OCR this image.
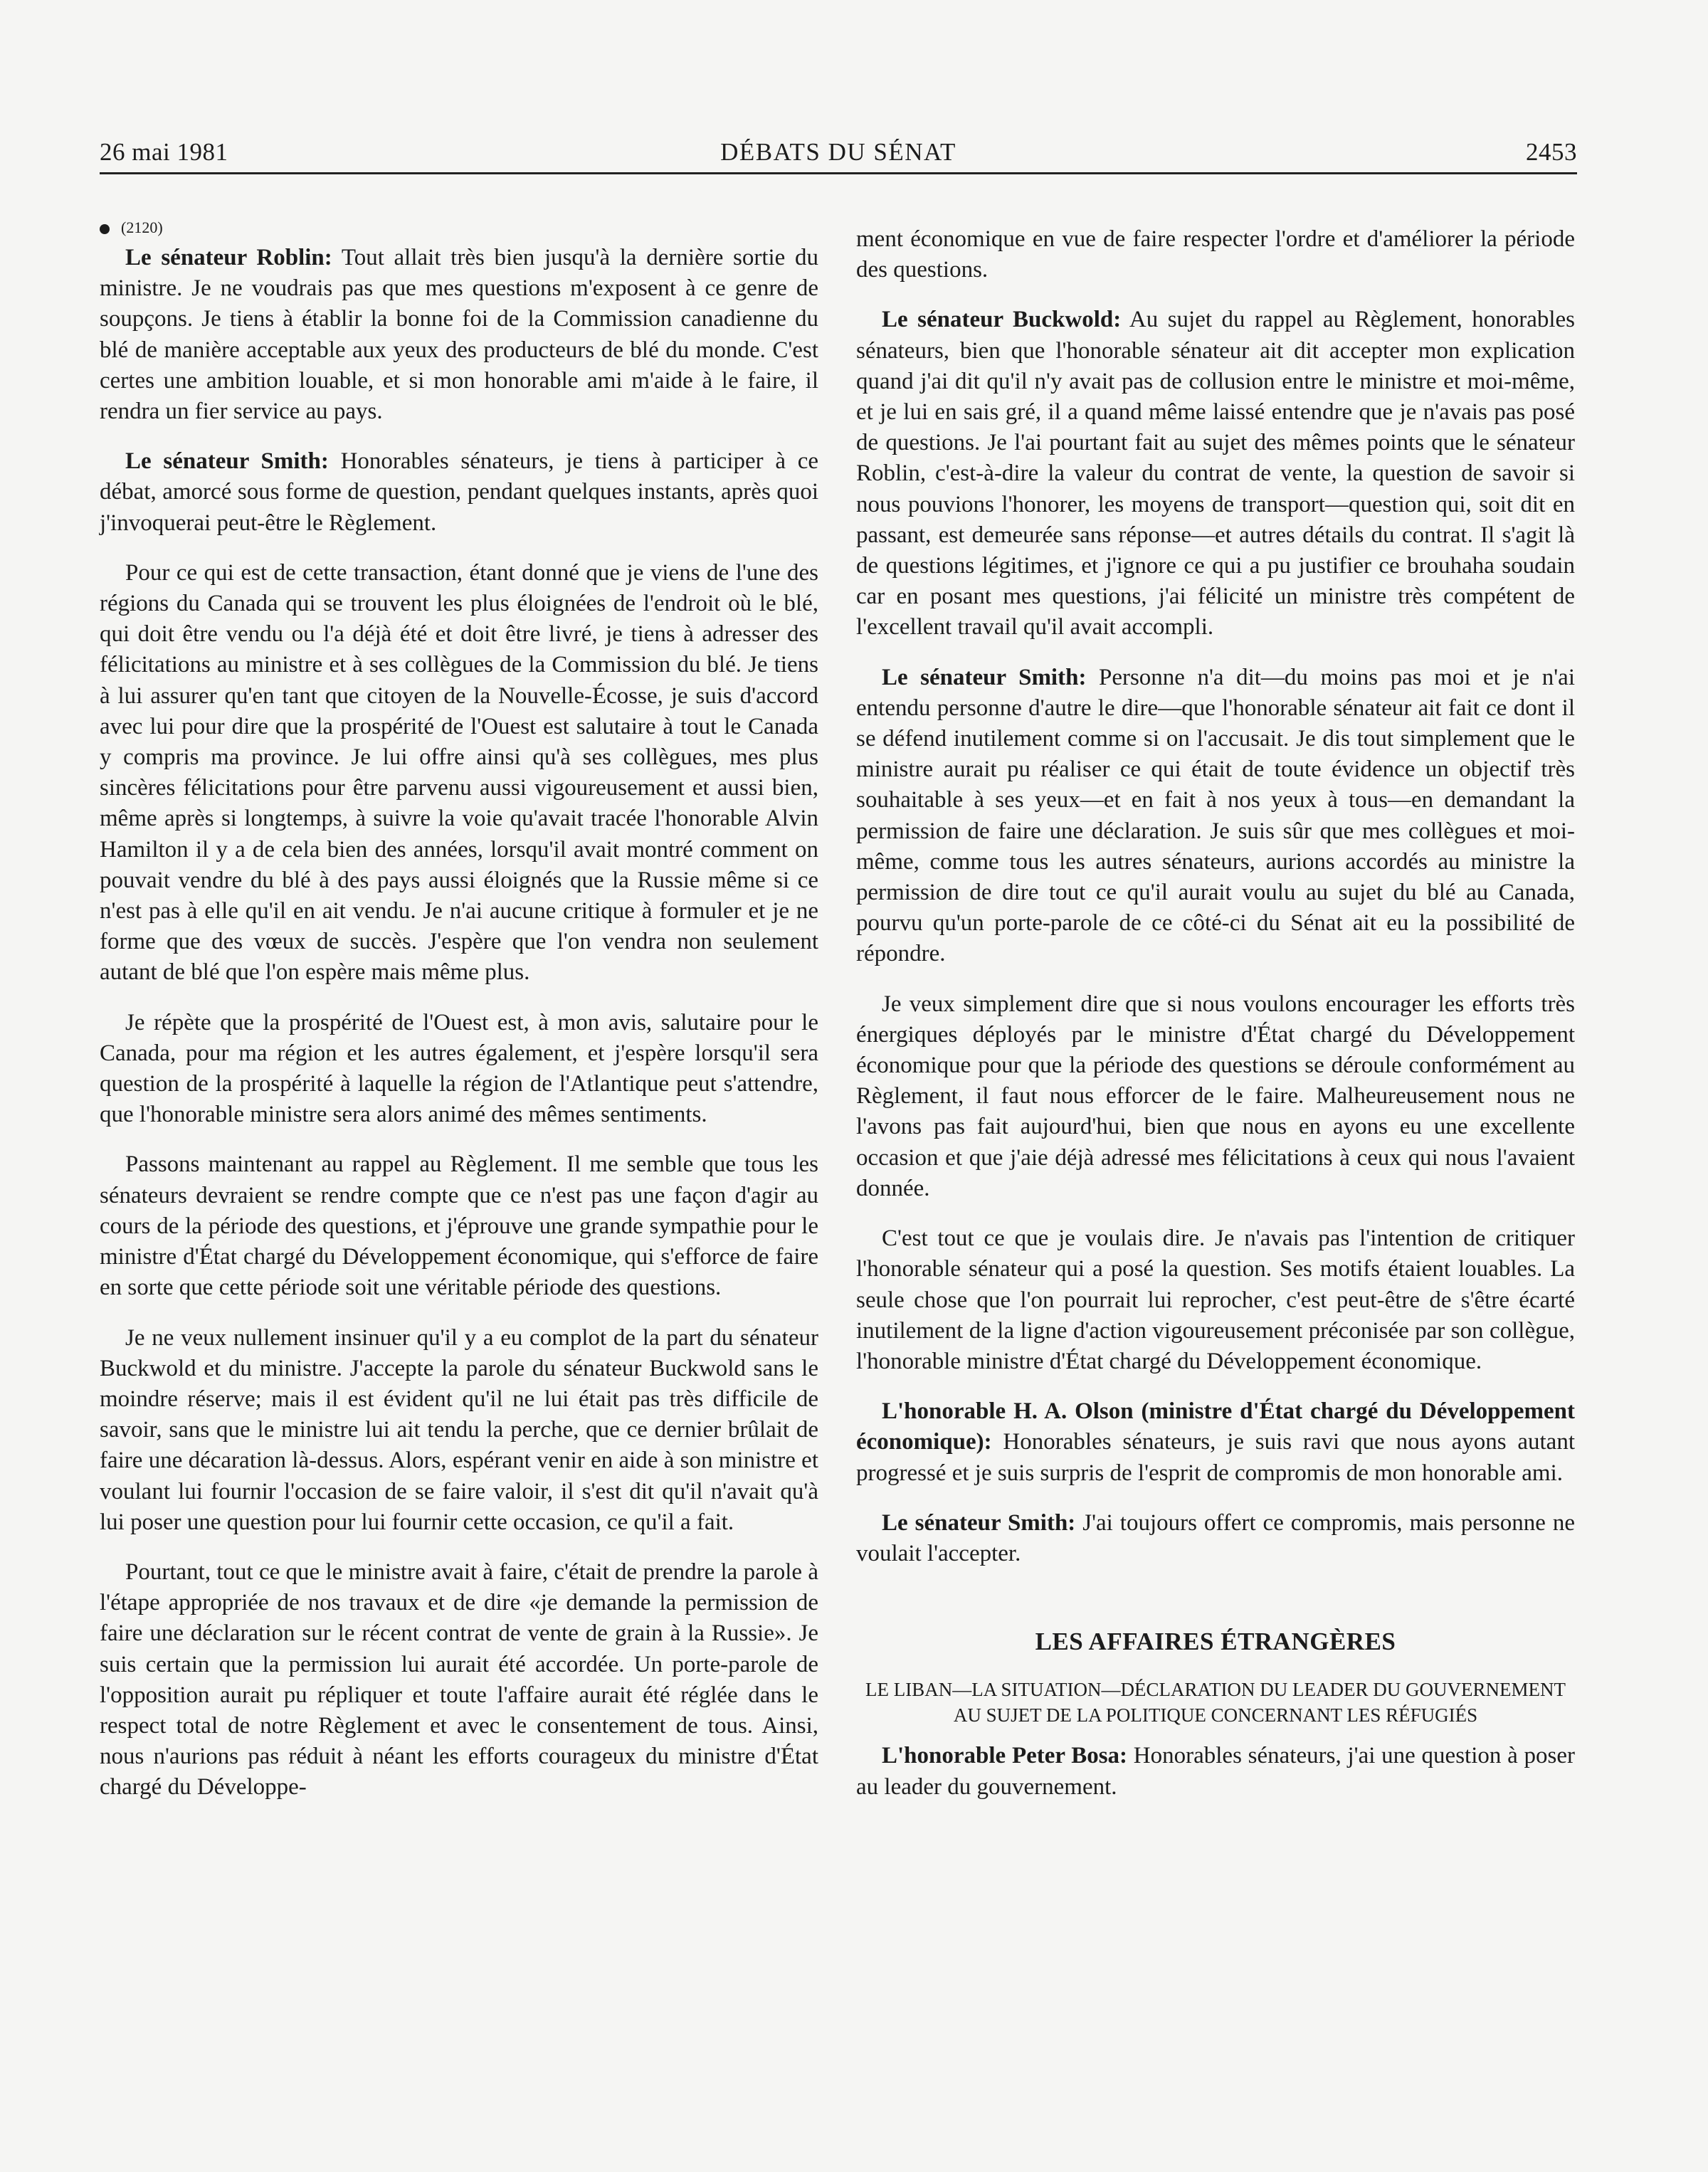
26 mai 1981	DÉBATS DU SÉNAT	2453
(2120)

Le sénateur Roblin: Tout allait très bien jusqu'à la dernière sortie du ministre. Je ne voudrais pas que mes questions m'exposent à ce genre de soupçons. Je tiens à établir la bonne foi de la Commission canadienne du blé de manière acceptable aux yeux des producteurs de blé du monde. C'est certes une ambition louable, et si mon honorable ami m'aide à le faire, il rendra un fier service au pays.

Le sénateur Smith: Honorables sénateurs, je tiens à participer à ce débat, amorcé sous forme de question, pendant quelques instants, après quoi j'invoquerai peut-être le Règlement.

Pour ce qui est de cette transaction, étant donné que je viens de l'une des régions du Canada qui se trouvent les plus éloignées de l'endroit où le blé, qui doit être vendu ou l'a déjà été et doit être livré, je tiens à adresser des félicitations au ministre et à ses collègues de la Commission du blé. Je tiens à lui assurer qu'en tant que citoyen de la Nouvelle-Écosse, je suis d'accord avec lui pour dire que la prospérité de l'Ouest est salutaire à tout le Canada y compris ma province. Je lui offre ainsi qu'à ses collègues, mes plus sincères félicitations pour être parvenu aussi vigoureusement et aussi bien, même après si longtemps, à suivre la voie qu'avait tracée l'honorable Alvin Hamilton il y a de cela bien des années, lorsqu'il avait montré comment on pouvait vendre du blé à des pays aussi éloignés que la Russie même si ce n'est pas à elle qu'il en ait vendu. Je n'ai aucune critique à formuler et je ne forme que des vœux de succès. J'espère que l'on vendra non seulement autant de blé que l'on espère mais même plus.

Je répète que la prospérité de l'Ouest est, à mon avis, salutaire pour le Canada, pour ma région et les autres également, et j'espère lorsqu'il sera question de la prospérité à laquelle la région de l'Atlantique peut s'attendre, que l'honorable ministre sera alors animé des mêmes sentiments.

Passons maintenant au rappel au Règlement. Il me semble que tous les sénateurs devraient se rendre compte que ce n'est pas une façon d'agir au cours de la période des questions, et j'éprouve une grande sympathie pour le ministre d'État chargé du Développement économique, qui s'efforce de faire en sorte que cette période soit une véritable période des questions.

Je ne veux nullement insinuer qu'il y a eu complot de la part du sénateur Buckwold et du ministre. J'accepte la parole du sénateur Buckwold sans le moindre réserve; mais il est évident qu'il ne lui était pas très difficile de savoir, sans que le ministre lui ait tendu la perche, que ce dernier brûlait de faire une décaration là-dessus. Alors, espérant venir en aide à son ministre et voulant lui fournir l'occasion de se faire valoir, il s'est dit qu'il n'avait qu'à lui poser une question pour lui fournir cette occasion, ce qu'il a fait.

Pourtant, tout ce que le ministre avait à faire, c'était de prendre la parole à l'étape appropriée de nos travaux et de dire «je demande la permission de faire une déclaration sur le récent contrat de vente de grain à la Russie». Je suis certain que la permission lui aurait été accordée. Un porte-parole de l'opposition aurait pu répliquer et toute l'affaire aurait été réglée dans le respect total de notre Règlement et avec le consentement de tous. Ainsi, nous n'aurions pas réduit à néant les efforts courageux du ministre d'État chargé du Développe-

ment économique en vue de faire respecter l'ordre et d'améliorer la période des questions.

Le sénateur Buckwold: Au sujet du rappel au Règlement, honorables sénateurs, bien que l'honorable sénateur ait dit accepter mon explication quand j'ai dit qu'il n'y avait pas de collusion entre le ministre et moi-même, et je lui en sais gré, il a quand même laissé entendre que je n'avais pas posé de questions. Je l'ai pourtant fait au sujet des mêmes points que le sénateur Roblin, c'est-à-dire la valeur du contrat de vente, la question de savoir si nous pouvions l'honorer, les moyens de transport—question qui, soit dit en passant, est demeurée sans réponse—et autres détails du contrat. Il s'agit là de questions légitimes, et j'ignore ce qui a pu justifier ce brouhaha soudain car en posant mes questions, j'ai félicité un ministre très compétent de l'excellent travail qu'il avait accompli.

Le sénateur Smith: Personne n'a dit—du moins pas moi et je n'ai entendu personne d'autre le dire—que l'honorable sénateur ait fait ce dont il se défend inutilement comme si on l'accusait. Je dis tout simplement que le ministre aurait pu réaliser ce qui était de toute évidence un objectif très souhaitable à ses yeux—et en fait à nos yeux à tous—en demandant la permission de faire une déclaration. Je suis sûr que mes collègues et moi-même, comme tous les autres sénateurs, aurions accordés au ministre la permission de dire tout ce qu'il aurait voulu au sujet du blé au Canada, pourvu qu'un porte-parole de ce côté-ci du Sénat ait eu la possibilité de répondre.

Je veux simplement dire que si nous voulons encourager les efforts très énergiques déployés par le ministre d'État chargé du Développement économique pour que la période des questions se déroule conformément au Règlement, il faut nous efforcer de le faire. Malheureusement nous ne l'avons pas fait aujourd'hui, bien que nous en ayons eu une excellente occasion et que j'aie déjà adressé mes félicitations à ceux qui nous l'avaient donnée.

C'est tout ce que je voulais dire. Je n'avais pas l'intention de critiquer l'honorable sénateur qui a posé la question. Ses motifs étaient louables. La seule chose que l'on pourrait lui reprocher, c'est peut-être de s'être écarté inutilement de la ligne d'action vigoureusement préconisée par son collègue, l'honorable ministre d'État chargé du Développement économique.

L'honorable H. A. Olson (ministre d'État chargé du Développement économique): Honorables sénateurs, je suis ravi que nous ayons autant progressé et je suis surpris de l'esprit de compromis de mon honorable ami.

Le sénateur Smith: J'ai toujours offert ce compromis, mais personne ne voulait l'accepter.

LES AFFAIRES ÉTRANGÈRES
LE LIBAN—LA SITUATION—DÉCLARATION DU LEADER DU GOUVERNEMENT AU SUJET DE LA POLITIQUE CONCERNANT LES RÉFUGIÉS

L'honorable Peter Bosa: Honorables sénateurs, j'ai une question à poser au leader du gouvernement.
